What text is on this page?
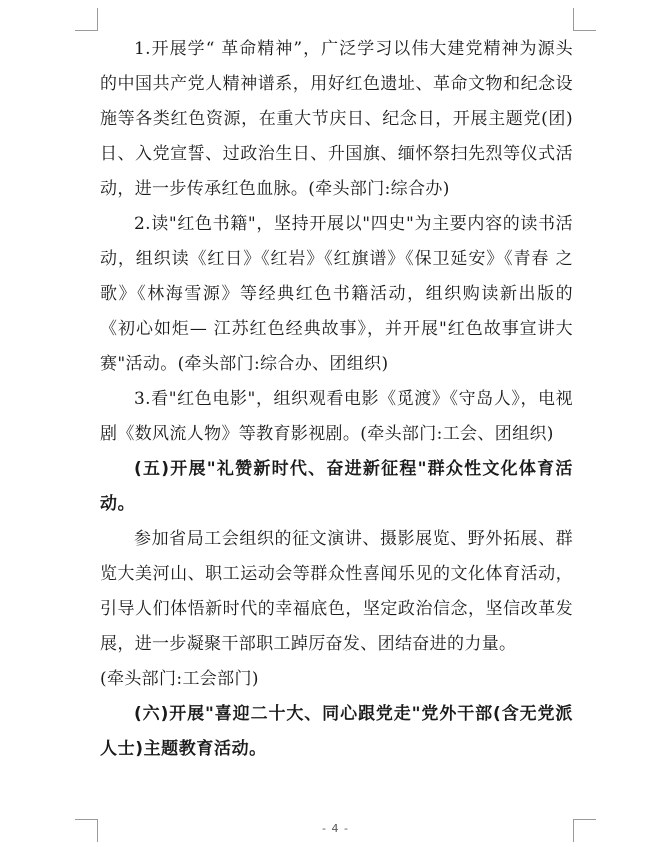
1.开展学“ 革命精神”，广泛学习以伟大建党精神为源头的中国共产党人精神谱系，用好红色遗址、革命文物和纪念设施等各类红色资源，在重大节庆日、纪念日，开展主题党(团)日、入党宣誓、过政治生日、升国旗、缅怀祭扫先烈等仪式活动，进一步传承红色血脉。(牵头部门:综合办)

2.读"红色书籍"，坚持开展以"四史"为主要内容的读书活动，组织读《红日》《红岩》《红旗谱》《保卫延安》《青春 之歌》《林海雪源》等经典红色书籍活动，组织购读新出版的《初心如炬— 江苏红色经典故事》，并开展"红色故事宣讲大赛"活动。(牵头部门:综合办、团组织)

3.看"红色电影"，组织观看电影《觅渡》《守岛人》，电视剧《数风流人物》等教育影视剧。(牵头部门:工会、团组织)

(五)开展"礼赞新时代、奋进新征程"群众性文化体育活动。

参加省局工会组织的征文演讲、摄影展览、野外拓展、群览大美河山、职工运动会等群众性喜闻乐见的文化体育活动，引导人们体悟新时代的幸福底色，坚定政治信念，坚信改革发展，进一步凝聚干部职工踔厉奋发、团结奋进的力量。

(牵头部门:工会部门)

(六)开展"喜迎二十大、同心跟党走"党外干部(含无党派人士)主题教育活动。

- 4 -
